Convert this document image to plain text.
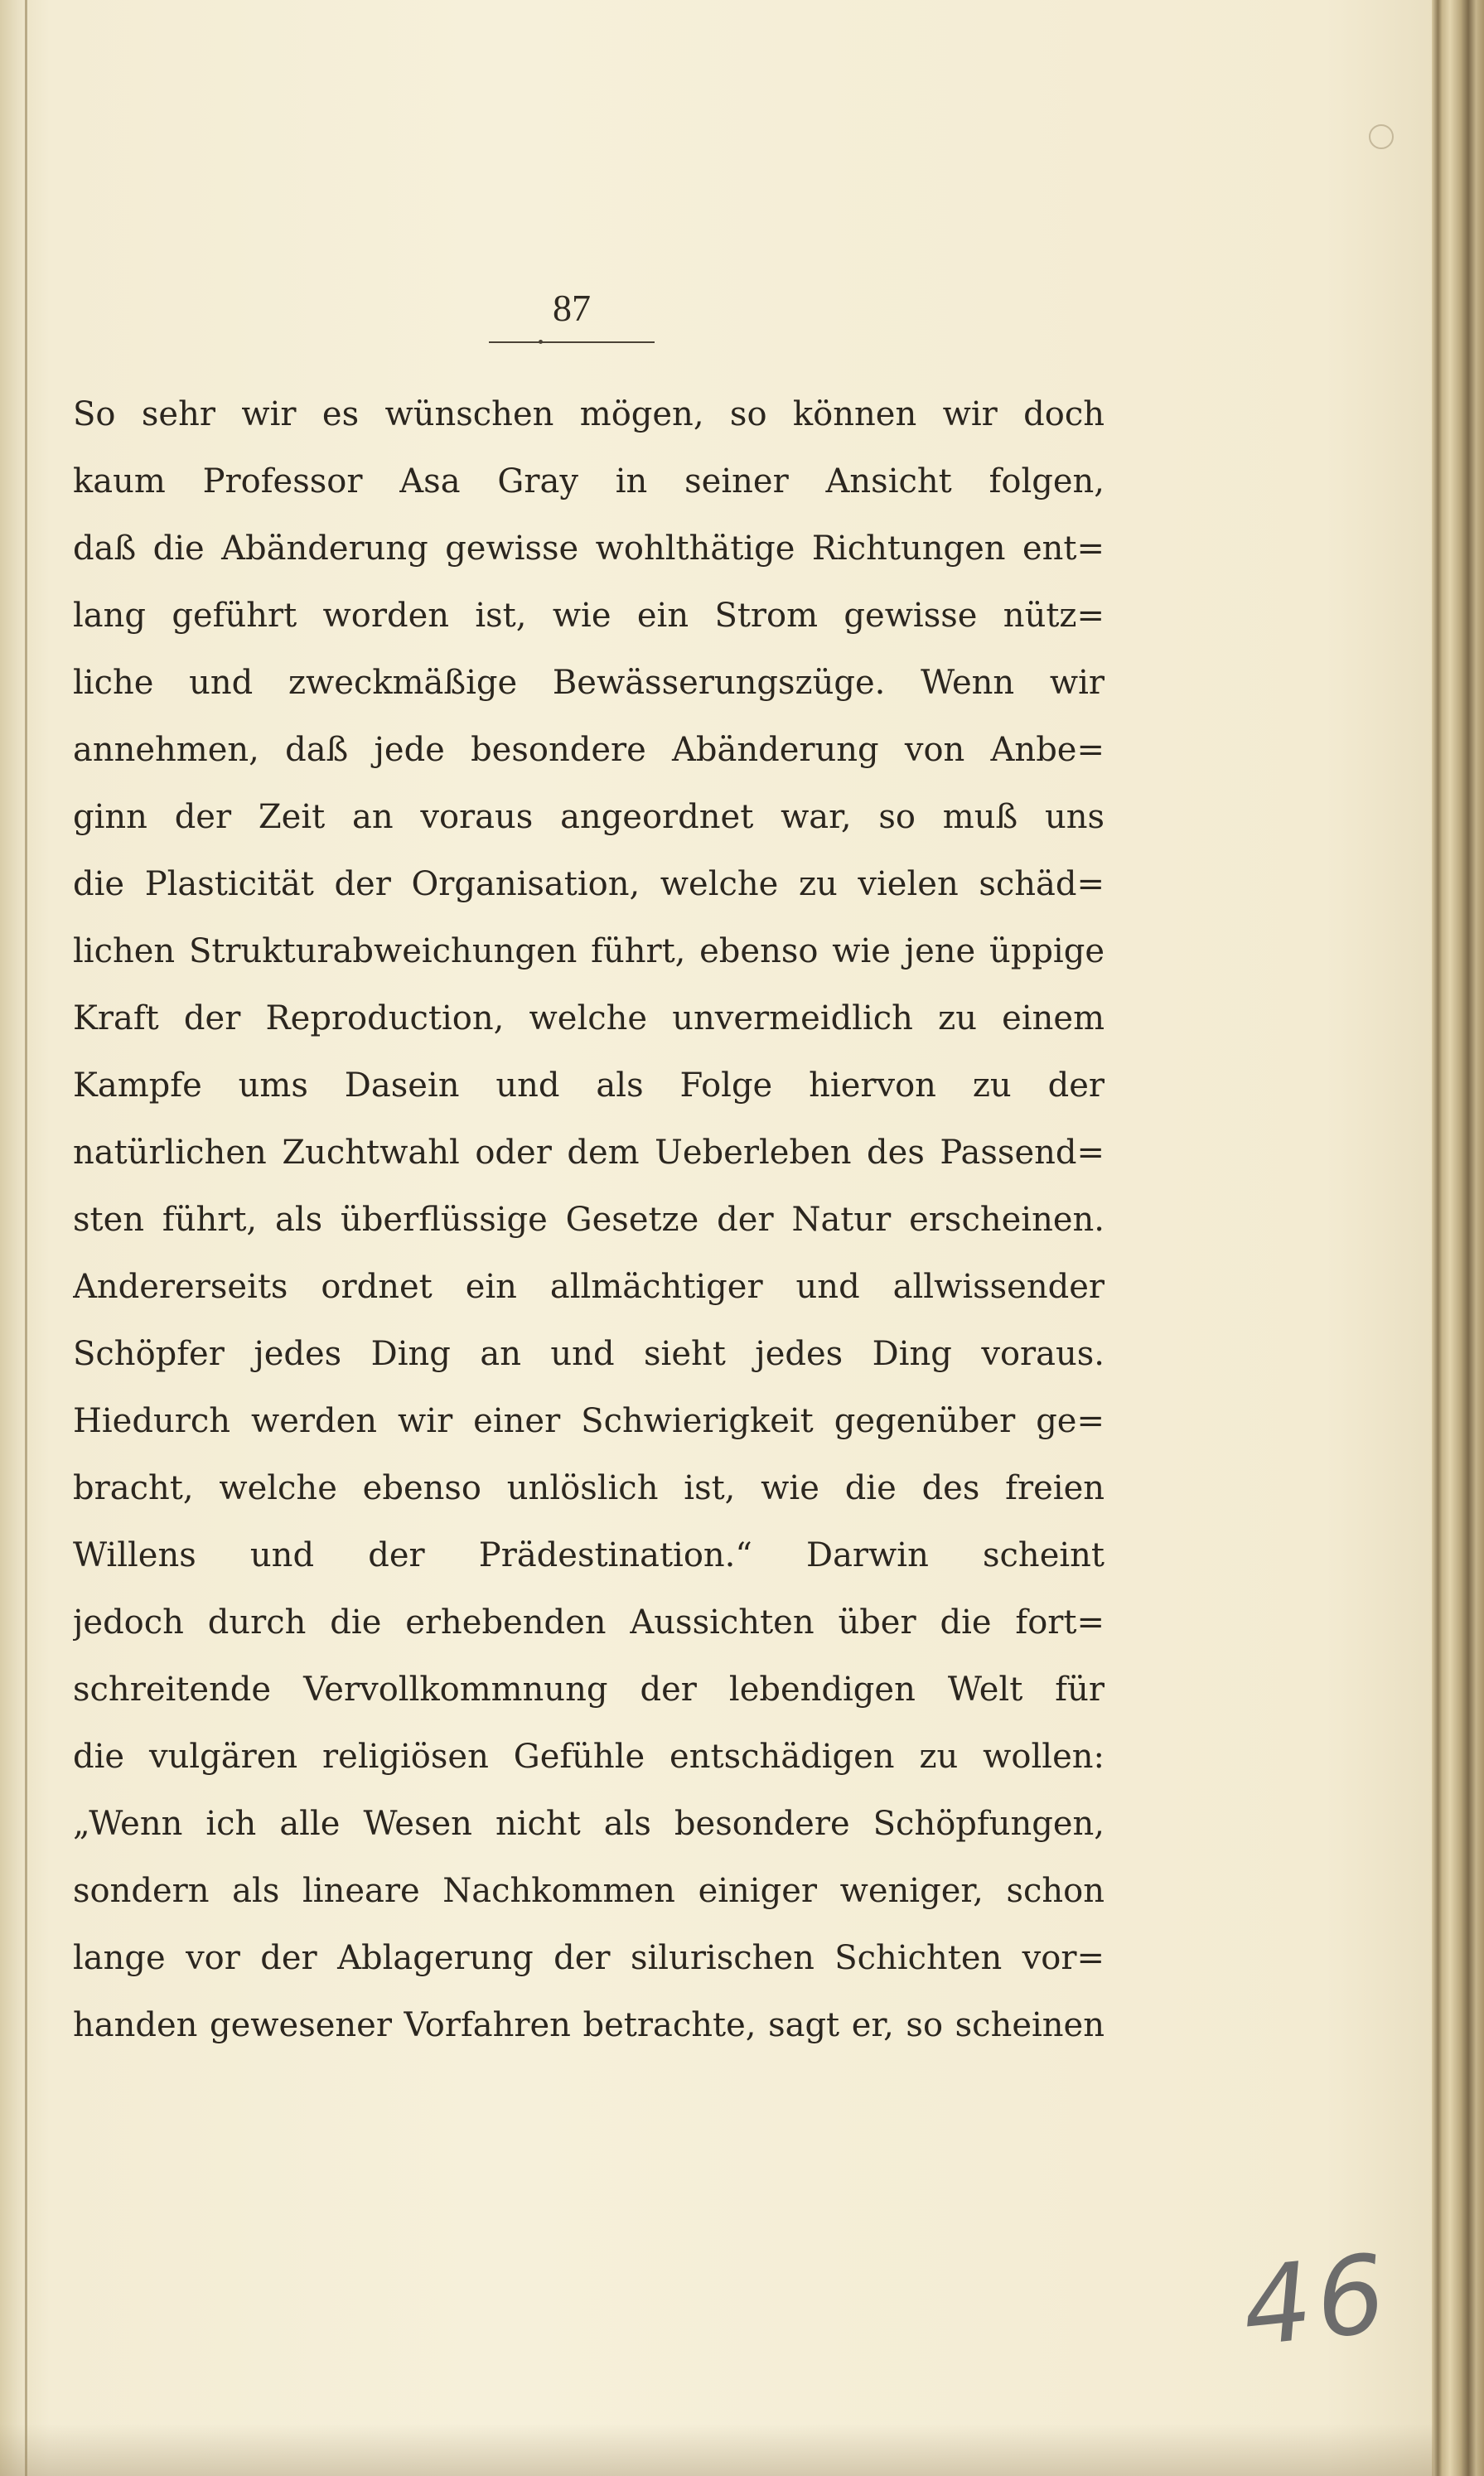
87
So sehr wir es wünschen mögen, so können wir doch
kaum Professor Asa Gray in seiner Ansicht folgen,
daß die Abänderung gewisse wohlthätige Richtungen ent=
lang geführt worden ist, wie ein Strom gewisse nütz=
liche und zweckmäßige Bewässerungszüge. Wenn wir
annehmen, daß jede besondere Abänderung von Anbe=
ginn der Zeit an voraus angeordnet war, so muß uns
die Plasticität der Organisation, welche zu vielen schäd=
lichen Strukturabweichungen führt, ebenso wie jene üppige
Kraft der Reproduction, welche unvermeidlich zu einem
Kampfe ums Dasein und als Folge hiervon zu der
natürlichen Zuchtwahl oder dem Ueberleben des Passend=
sten führt, als überflüssige Gesetze der Natur erscheinen.
Andererseits ordnet ein allmächtiger und allwissender
Schöpfer jedes Ding an und sieht jedes Ding voraus.
Hiedurch werden wir einer Schwierigkeit gegenüber ge=
bracht, welche ebenso unlöslich ist, wie die des freien
Willens und der Prädestination.“ Darwin scheint
jedoch durch die erhebenden Aussichten über die fort=
schreitende Vervollkommnung der lebendigen Welt für
die vulgären religiösen Gefühle entschädigen zu wollen:
„Wenn ich alle Wesen nicht als besondere Schöpfungen,
sondern als lineare Nachkommen einiger weniger, schon
lange vor der Ablagerung der silurischen Schichten vor=
handen gewesener Vorfahren betrachte, sagt er, so scheinen
46
